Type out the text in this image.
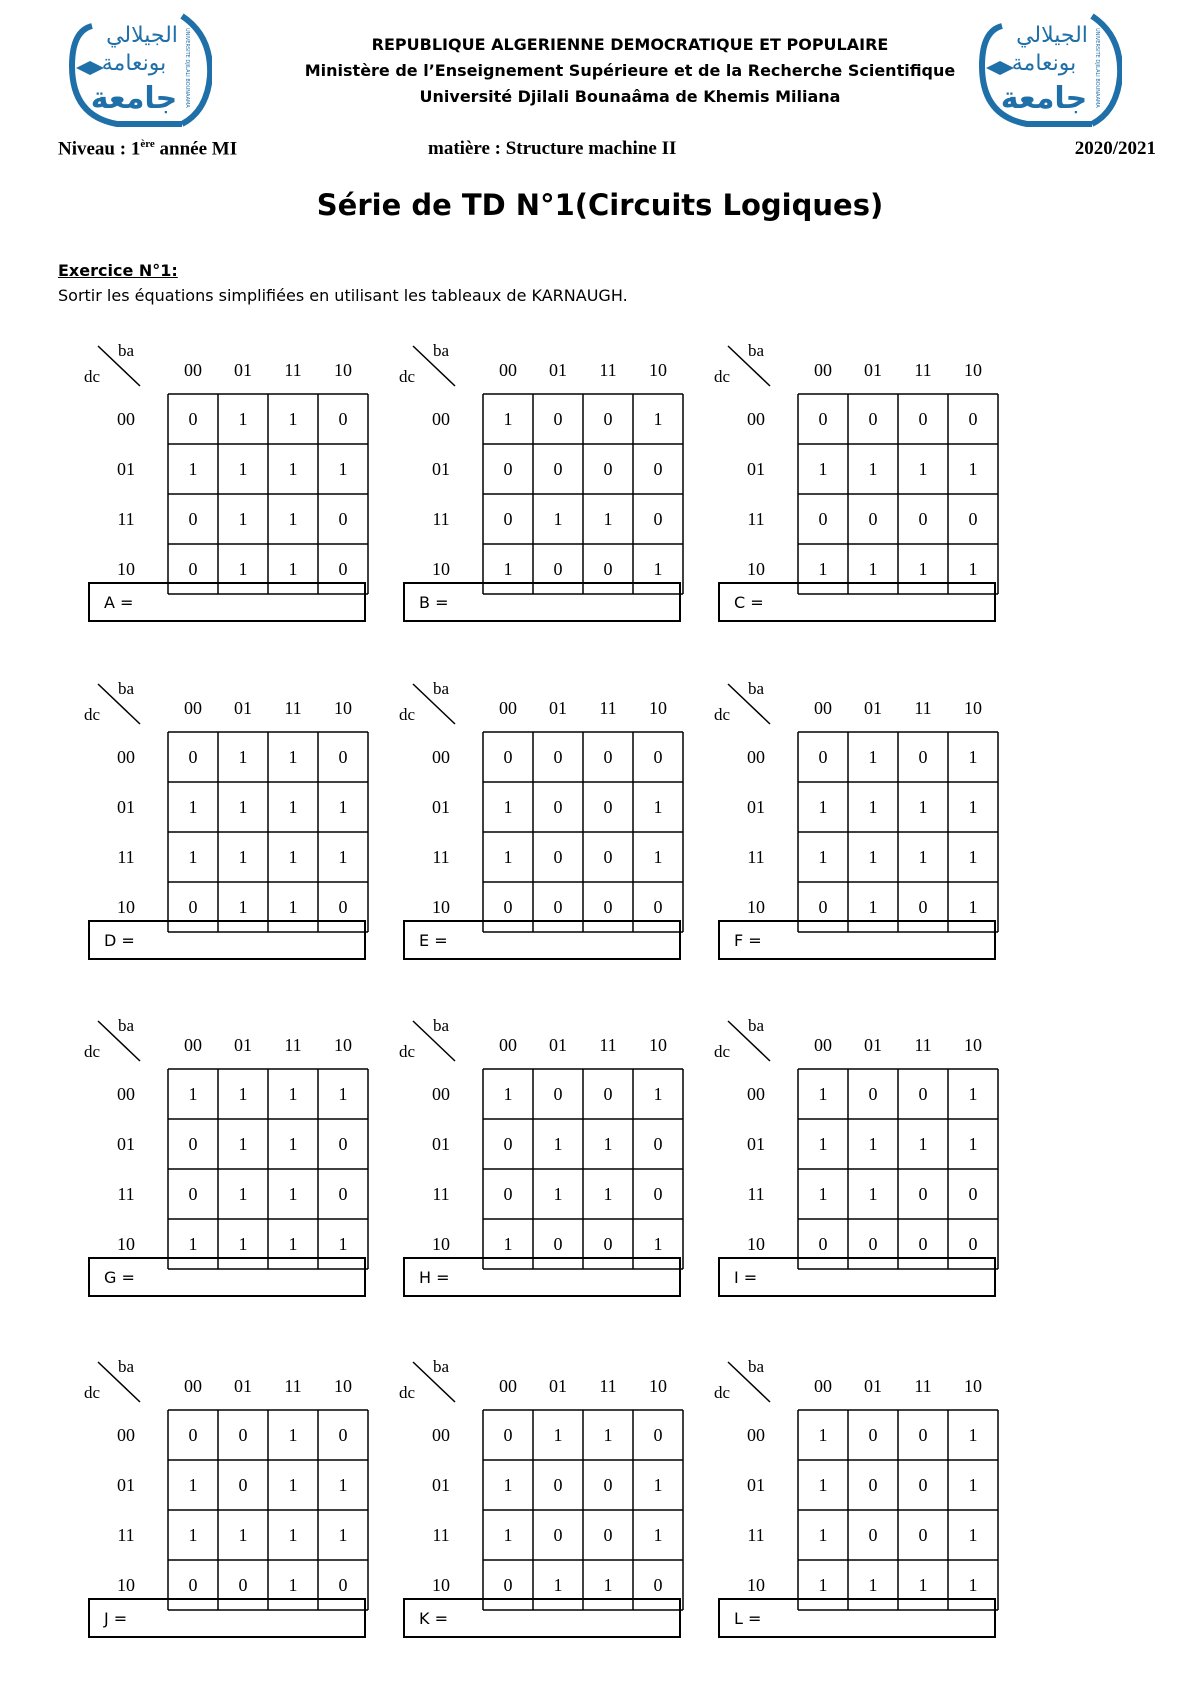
الجيلالي
بونعامة
جامعة UNIVERSITE DJILALI BOUNAAMA	الجيلالي
بونعامة
جامعة UNIVERSITE DJILALI BOUNAAMA
REPUBLIQUE ALGERIENNE DEMOCRATIQUE ET POPULAIRE
Ministère de l’Enseignement Supérieure et de la Recherche Scientifique
Université Djilali Bounaâma de Khemis Miliana
Niveau : 1ère année MI	matière : Structure machine II	2020/2021
Série de TD N°1(Circuits Logiques)
Exercice N°1:
Sortir les équations simplifiées en utilisant les tableaux de KARNAUGH.
ba
dc	00 01 11 10
00
01
11
10
0 1 1 0
1 1 1 1
0 1 1 0
0 1 1 0
A =
ba
dc	00 01 11 10
00
01
11
10
1 0 0 1
0 0 0 0
0 1 1 0
1 0 0 1
B =
ba
dc	00 01 11 10
00
01
11
10
0 0 0 0
1 1 1 1
0 0 0 0
1 1 1 1
C =
ba
dc	00 01 11 10
00
01
11
10
0 1 1 0
1 1 1 1
1 1 1 1
0 1 1 0
D =
ba
dc	00 01 11 10
00
01
11
10
0 0 0 0
1 0 0 1
1 0 0 1
0 0 0 0
E =
ba
dc	00 01 11 10
00
01
11
10
0 1 0 1
1 1 1 1
1 1 1 1
0 1 0 1
F =
ba
dc	00 01 11 10
00
01
11
10
1 1 1 1
0 1 1 0
0 1 1 0
1 1 1 1
G =
ba
dc	00 01 11 10
00
01
11
10
1 0 0 1
0 1 1 0
0 1 1 0
1 0 0 1
H =
ba
dc	00 01 11 10
00
01
11
10
1 0 0 1
1 1 1 1
1 1 0 0
0 0 0 0
I =
ba
dc	00 01 11 10
00
01
11
10
0 0 1 0
1 0 1 1
1 1 1 1
0 0 1 0
J =
ba
dc	00 01 11 10
00
01
11
10
0 1 1 0
1 0 0 1
1 0 0 1
0 1 1 0
K =
ba
dc	00 01 11 10
00
01
11
10
1 0 0 1
1 0 0 1
1 0 0 1
1 1 1 1
L =
